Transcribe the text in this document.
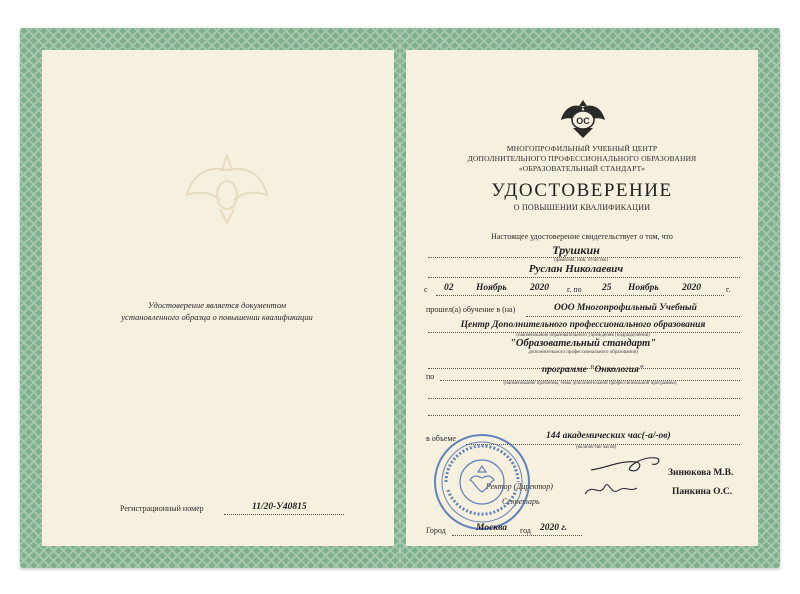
Удостоверение является документом
установленного образца о повышении квалификации
Регистрационный номер	11/20-У40815
ОС
МНОГОПРОФИЛЬНЫЙ УЧЕБНЫЙ ЦЕНТР
ДОПОЛНИТЕЛЬНОГО ПРОФЕССИОНАЛЬНОГО ОБРАЗОВАНИЯ
«ОБРАЗОВАТЕЛЬНЫЙ СТАНДАРТ»
УДОСТОВЕРЕНИЕ
О ПОВЫШЕНИИ КВАЛИФИКАЦИИ
Настоящее удостоверение свидетельствует о том, что
Трушкин
(фамилия, имя, отчество)
Руслан Николаевич
с 02 Ноябрь 2020 г. по 25 Ноябрь 2020	г.
прошел(а) обучение в (на)	ООО Многопрофильный Учебный
Центр Дополнительного профессионального образования
(наименование образовательного учреждения (подразделения)
"Образовательный стандарт"
дополнительного профессионального образования)
по
программе "Онкология"
(наименование проблемы, темы дополнительной профессиональной программы)
в объеме	144 академических час(-а/-ов)
(количество часов)
Зинюкова М.В.
Ректор (Директор)
Панкина О.С.
Секретарь
Город	Москва год 2020 г.
